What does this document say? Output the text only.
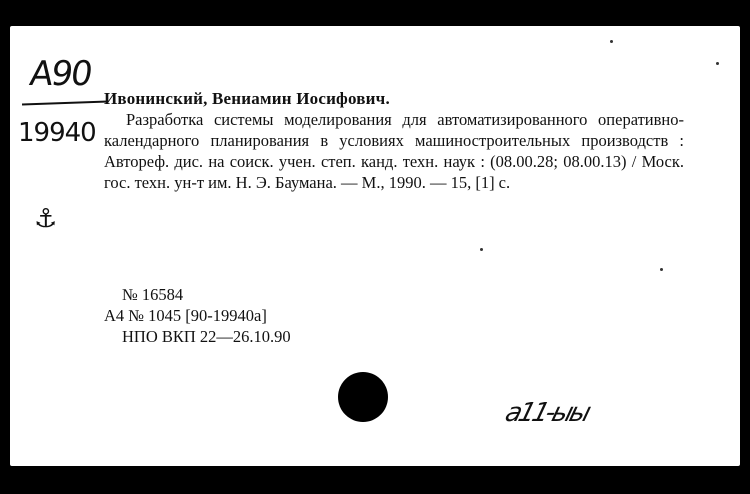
A90
19940
⚓
Ивонинский, Вениамин Иосифович.

Разработка системы моделирования для автоматизированного оперативно-календарного планирования в условиях машиностроительных производств : Автореф. дис. на соиск. учен. степ. канд. техн. наук : (08.00.28; 08.00.13) / Моск. гос. техн. ун-т им. Н. Э. Баумана. — М., 1990. — 15, [1] с.

№ 16584
А4 № 1045 [90-19940а]
НПО ВКП 22—26.10.90
а11-ыы
